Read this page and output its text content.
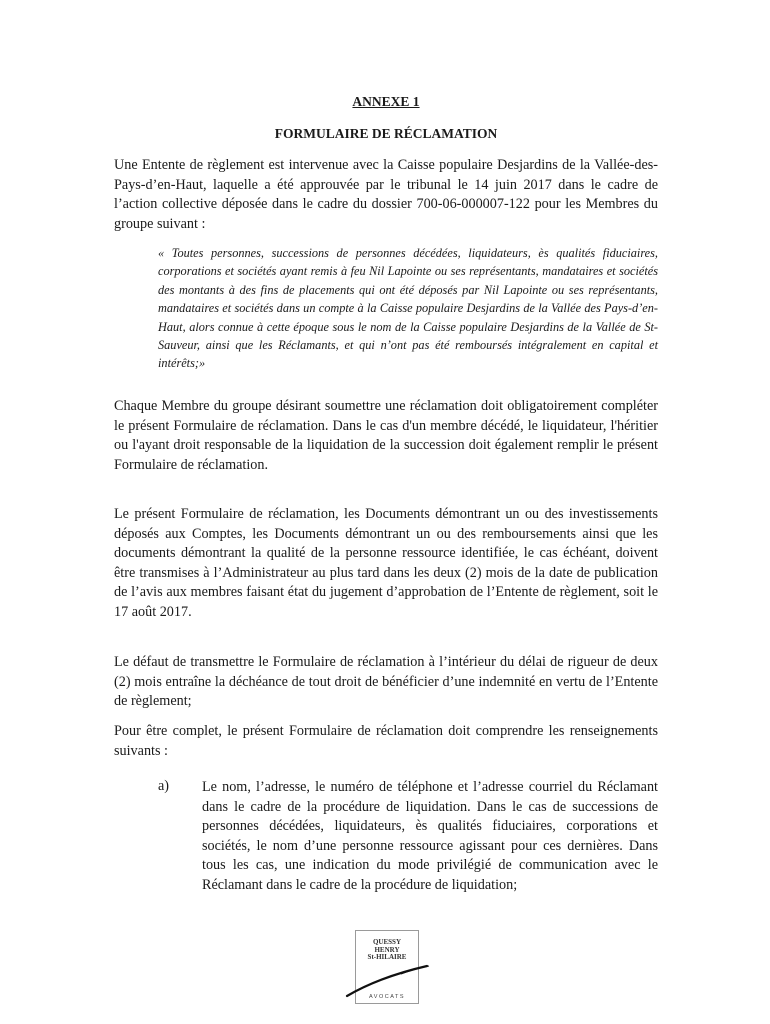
ANNEXE 1
FORMULAIRE DE RÉCLAMATION

Une Entente de règlement est intervenue avec la Caisse populaire Desjardins de la Vallée-des-Pays-d’en-Haut, laquelle a été approuvée par le tribunal le 14 juin 2017 dans le cadre de l’action collective déposée dans le cadre du dossier 700-06-000007-122 pour les Membres du groupe suivant :

« Toutes personnes, successions de personnes décédées, liquidateurs, ès qualités fiduciaires, corporations et sociétés ayant remis à feu Nil Lapointe ou ses représentants, mandataires et sociétés des montants à des fins de placements qui ont été déposés par Nil Lapointe ou ses représentants, mandataires et sociétés dans un compte à la Caisse populaire Desjardins de la Vallée des Pays-d’en-Haut, alors connue à cette époque sous le nom de la Caisse populaire Desjardins de la Vallée de St-Sauveur, ainsi que les Réclamants, et qui n’ont pas été remboursés intégralement en capital et intérêts;»

Chaque Membre du groupe désirant soumettre une réclamation doit obligatoirement compléter le présent Formulaire de réclamation. Dans le cas d'un membre décédé, le liquidateur, l'héritier ou l'ayant droit responsable de la liquidation de la succession doit également remplir le présent Formulaire de réclamation.

Le présent Formulaire de réclamation, les Documents démontrant un ou des investissements déposés aux Comptes, les Documents démontrant un ou des remboursements ainsi que les documents démontrant la qualité de la personne ressource identifiée, le cas échéant, doivent être transmises à l’Administrateur au plus tard dans les deux (2) mois de la date de publication de l’avis aux membres faisant état du jugement d’approbation de l’Entente de règlement, soit le 17 août 2017.

Le défaut de transmettre le Formulaire de réclamation à l’intérieur du délai de rigueur de deux (2) mois entraîne la déchéance de tout droit de bénéficier d’une indemnité en vertu de l’Entente de règlement;

Pour être complet, le présent Formulaire de réclamation doit comprendre les renseignements suivants :

a) Le nom, l’adresse, le numéro de téléphone et l’adresse courriel du Réclamant dans le cadre de la procédure de liquidation. Dans le cas de successions de personnes décédées, liquidateurs, ès qualités fiduciaires, corporations et sociétés, le nom d’une personne ressource agissant pour ces dernières. Dans tous les cas, une indication du mode privilégié de communication avec le Réclamant dans le cadre de la procédure de liquidation;

QUESSY
HENRY
St-HILAIRE
AVOCATS
